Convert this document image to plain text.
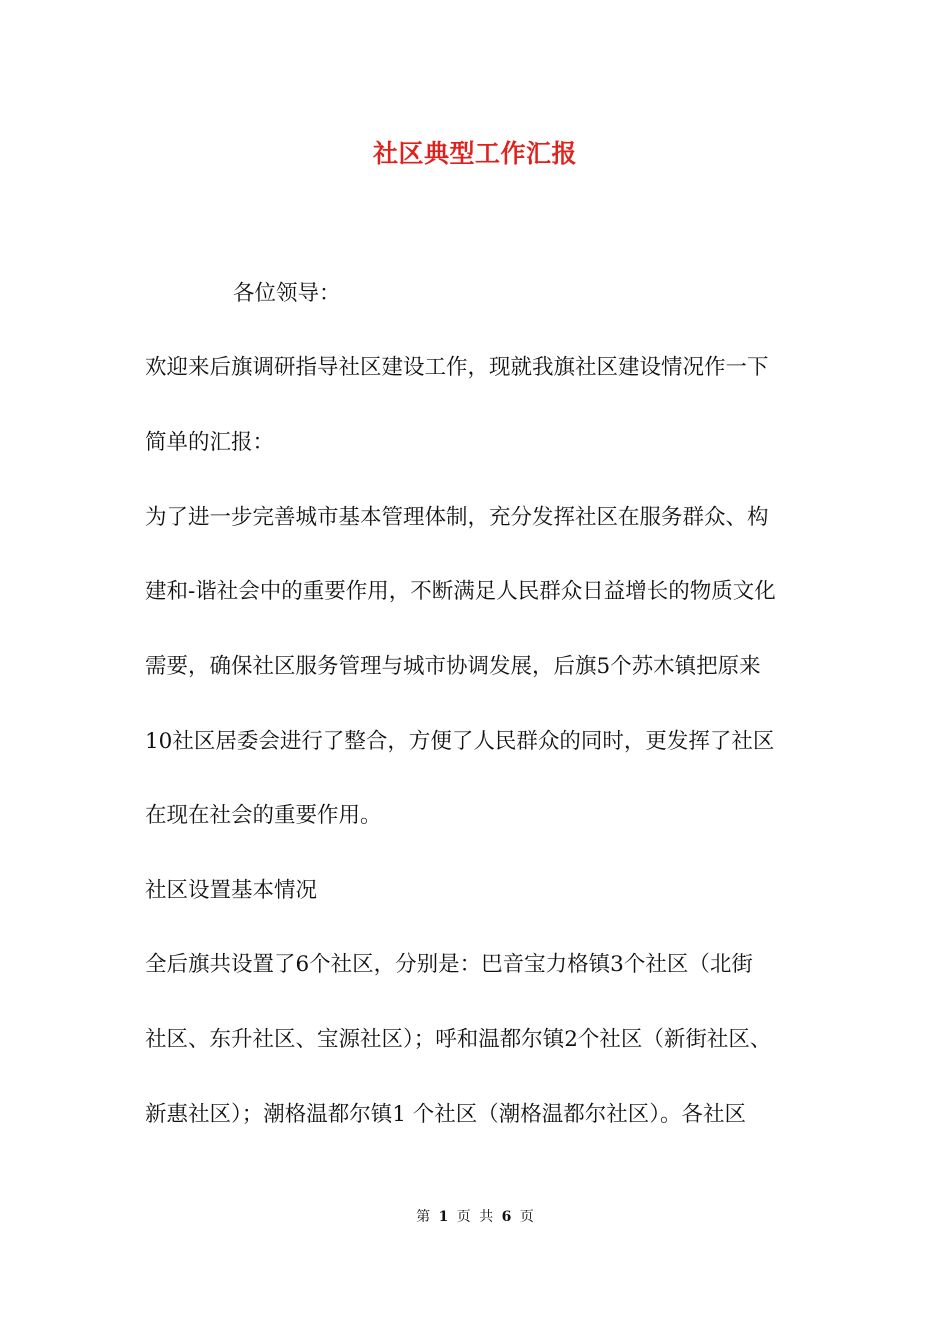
社区典型工作汇报
各位领导：
欢迎来后旗调研指导社区建设工作，现就我旗社区建设情况作一下
简单的汇报：
为了进一步完善城市基本管理体制，充分发挥社区在服务群众、构
建和-谐社会中的重要作用，不断满足人民群众日益增长的物质文化
需要，确保社区服务管理与城市协调发展，后旗5个苏木镇把原来
10社区居委会进行了整合，方便了人民群众的同时，更发挥了社区
在现在社会的重要作用。
社区设置基本情况
全后旗共设置了6个社区，分别是：巴音宝力格镇3个社区（北街
社区、东升社区、宝源社区）；呼和温都尔镇2个社区（新街社区、
新惠社区）；潮格温都尔镇1 个社区（潮格温都尔社区）。各社区
第 1 页 共 6 页
